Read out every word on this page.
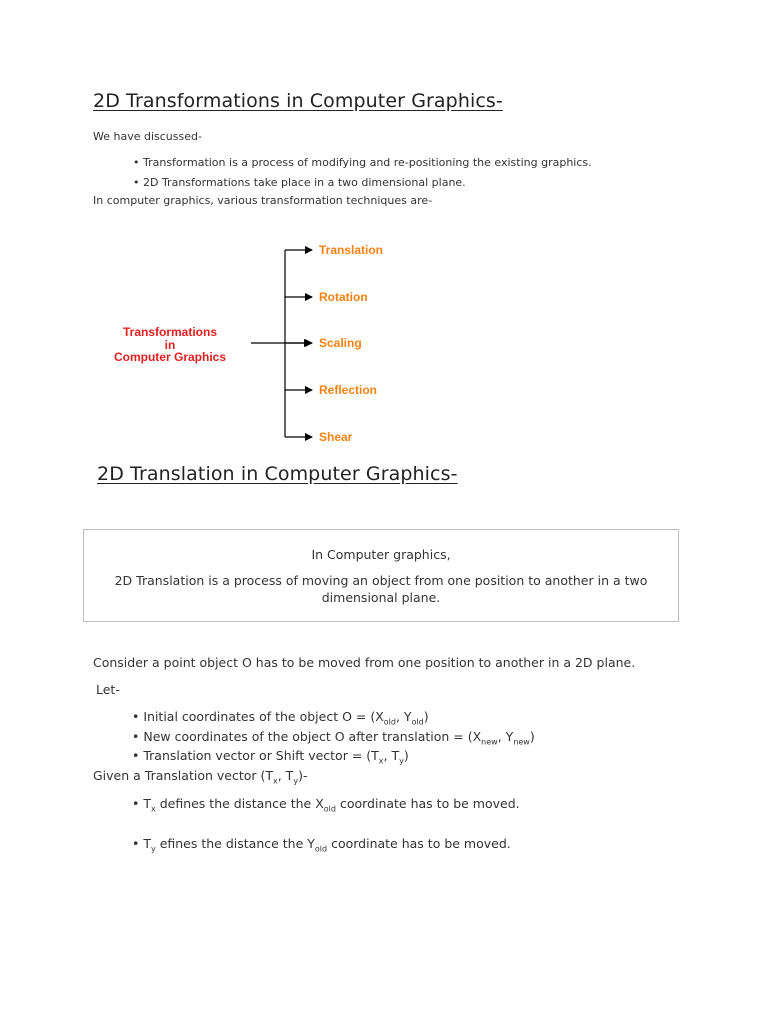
2D Transformations in Computer Graphics-
We have discussed-
• Transformation is a process of modifying and re-positioning the existing graphics.
• 2D Transformations take place in a two dimensional plane.
In computer graphics, various transformation techniques are-
Transformations
in
Computer Graphics
Translation
Rotation
Scaling
Reflection
Shear
2D Translation in Computer Graphics-
In Computer graphics,
2D Translation is a process of moving an object from one position to another in a two
dimensional plane.
Consider a point object O has to be moved from one position to another in a 2D plane.
Let-
• Initial coordinates of the object $O = (X_{old}$, $Y_{old}$)
• New coordinates of the object O after translation = ($X_{new}$, $Y_{new}$)
• Translation vector or Shift vector = ($T_x$, $T_y$)
Given a Translation vector ($T_x$, $T_y)-$
• $T_x$ defines the distance the $X_{old}$ coordinate has to be moved.
• $T_y$ efines the distance the $Y_{old}$ coordinate has to be moved.
